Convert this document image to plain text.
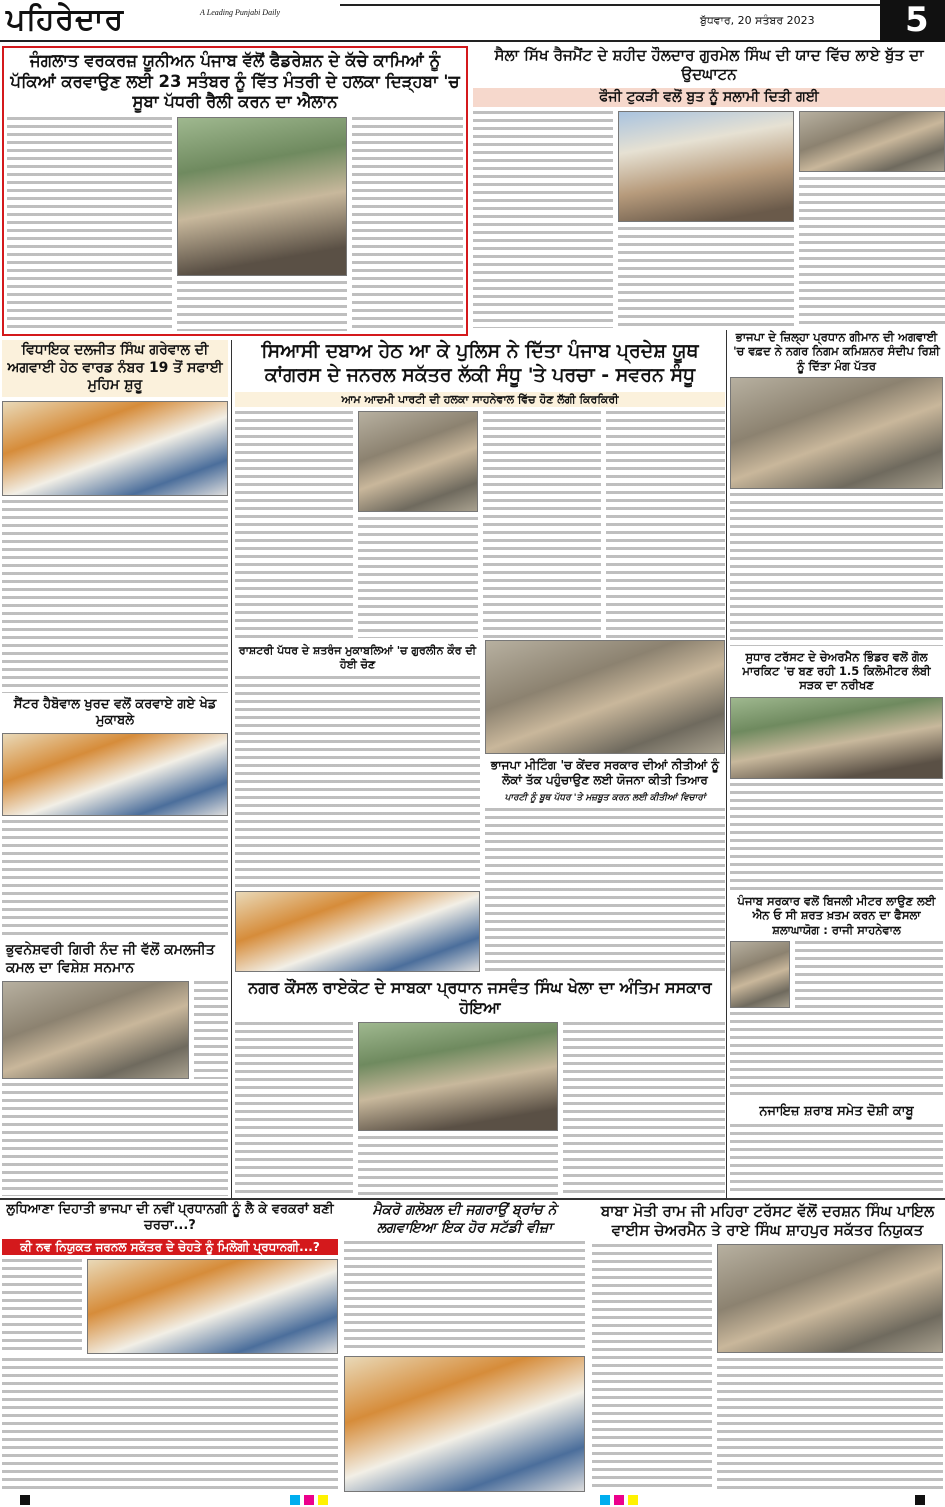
ਪਹਿਰੇਦਾਰ	A Leading Punjabi Daily
ਬੁੱਧਵਾਰ, 20 ਸਤੰਬਰ 2023	5
ਜੰਗਲਾਤ ਵਰਕਰਜ਼ ਯੂਨੀਅਨ ਪੰਜਾਬ ਵੱਲੋਂ ਫੈਡਰੇਸ਼ਨ ਦੇ ਕੱਚੇ ਕਾਮਿਆਂ ਨੂੰ ਪੱਕਿਆਂ ਕਰਵਾਉਣ ਲਈ 23 ਸਤੰਬਰ ਨੂੰ ਵਿੱਤ ਮੰਤਰੀ ਦੇ ਹਲਕਾ ਦਿੜ੍ਹਬਾ 'ਚ ਸੂਬਾ ਪੱਧਰੀ ਰੈਲੀ ਕਰਨ ਦਾ ਐਲਾਨ
ਸੈਲਾ ਸਿੱਖ ਰੈਜਮੈਂਟ ਦੇ ਸ਼ਹੀਦ ਹੌਲਦਾਰ ਗੁਰਮੇਲ ਸਿੰਘ ਦੀ ਯਾਦ ਵਿੱਚ ਲਾਏ ਬੁੱਤ ਦਾ ਉਦਘਾਟਨ
ਫੌਜੀ ਟੁਕੜੀ ਵਲੋਂ ਬੁਤ ਨੂੰ ਸਲਾਮੀ ਦਿਤੀ ਗਈ
ਵਿਧਾਇਕ ਦਲਜੀਤ ਸਿੰਘ ਗਰੇਵਾਲ ਦੀ ਅਗਵਾਈ ਹੇਠ ਵਾਰਡ ਨੰਬਰ 19 ਤੋਂ ਸਫਾਈ ਮੁਹਿਮ ਸ਼ੁਰੂ
ਸੈਂਟਰ ਹੈਬੋਵਾਲ ਖੁਰਦ ਵਲੋਂ ਕਰਵਾਏ ਗਏ ਖੇਡ ਮੁਕਾਬਲੇ
ਭੁਵਨੇਸ਼ਵਰੀ ਗਿਰੀ ਨੰਦ ਜੀ ਵੱਲੋਂ ਕਮਲਜੀਤ ਕਮਲ ਦਾ ਵਿਸ਼ੇਸ਼ ਸਨਮਾਨ
ਸਿਆਸੀ ਦਬਾਅ ਹੇਠ ਆ ਕੇ ਪੁਲਿਸ ਨੇ ਦਿੱਤਾ ਪੰਜਾਬ ਪ੍ਰਦੇਸ਼ ਯੂਥ ਕਾਂਗਰਸ ਦੇ ਜਨਰਲ ਸਕੱਤਰ ਲੱਕੀ ਸੰਧੂ 'ਤੇ ਪਰਚਾ - ਸਵਰਨ ਸੰਧੂ
ਆਮ ਆਦਮੀ ਪਾਰਟੀ ਦੀ ਹਲਕਾ ਸਾਹਨੇਵਾਲ ਵਿੱਚ ਹੋਣ ਲੱਗੀ ਕਿਰਕਿਰੀ
ਰਾਸ਼ਟਰੀ ਪੱਧਰ ਦੇ ਸ਼ਤਰੰਜ ਮੁਕਾਬਲਿਆਂ 'ਚ ਗੁਰਲੀਨ ਕੌਰ ਦੀ ਹੋਈ ਚੋਣ
ਭਾਜਪਾ ਮੀਟਿੰਗ 'ਚ ਕੇਂਦਰ ਸਰਕਾਰ ਦੀਆਂ ਨੀਤੀਆਂ ਨੂੰ ਲੋਕਾਂ ਤੱਕ ਪਹੁੰਚਾਉਣ ਲਈ ਯੋਜਨਾ ਕੀਤੀ ਤਿਆਰ
ਪਾਰਟੀ ਨੂੰ ਬੂਥ ਪੱਧਰ 'ਤੇ ਮਜ਼ਬੂਤ ਕਰਨ ਲਈ ਕੀਤੀਆਂ ਵਿਚਾਰਾਂ
ਨਗਰ ਕੌਂਸਲ ਰਾਏਕੋਟ ਦੇ ਸਾਬਕਾ ਪ੍ਰਧਾਨ ਜਸਵੰਤ ਸਿੰਘ ਖੇਲਾ ਦਾ ਅੰਤਿਮ ਸਸਕਾਰ ਹੋਇਆ
ਭਾਜਪਾ ਦੇ ਜ਼ਿਲ੍ਹਾ ਪ੍ਰਧਾਨ ਗੀਮਾਨ ਦੀ ਅਗਵਾਈ 'ਚ ਵਫ਼ਦ ਨੇ ਨਗਰ ਨਿਗਮ ਕਮਿਸ਼ਨਰ ਸੰਦੀਪ ਰਿਸ਼ੀ ਨੂੰ ਦਿੱਤਾ ਮੰਗ ਪੱਤਰ
ਸੁਧਾਰ ਟਰੱਸਟ ਦੇ ਚੇਅਰਮੈਨ ਭਿੰਡਰ ਵਲੋਂ ਗੋਲ ਮਾਰਕਿਟ 'ਚ ਬਣ ਰਹੀ 1.5 ਕਿਲੋਮੀਟਰ ਲੰਬੀ ਸੜਕ ਦਾ ਨਰੀਖਣ
ਪੰਜਾਬ ਸਰਕਾਰ ਵਲੋਂ ਬਿਜਲੀ ਮੀਟਰ ਲਾਉਣ ਲਈ ਐਨ ਓ ਸੀ ਸ਼ਰਤ ਖ਼ਤਮ ਕਰਨ ਦਾ ਫੈਸਲਾ ਸ਼ਲਾਘਾਯੋਗ : ਰਾਜੀ ਸਾਹਨੇਵਾਲ
ਨਜਾਇਜ਼ ਸ਼ਰਾਬ ਸਮੇਤ ਦੋਸ਼ੀ ਕਾਬੂ
ਲੁਧਿਆਣਾ ਦਿਹਾਤੀ ਭਾਜਪਾ ਦੀ ਨਵੀਂ ਪ੍ਰਧਾਨਗੀ ਨੂੰ ਲੈ ਕੇ ਵਰਕਰਾਂ ਬਣੀ ਚਰਚਾ...?
ਕੀ ਨਵ ਨਿਯੁਕਤ ਜਰਨਲ ਸਕੱਤਰ ਦੇ ਚੇਹਤੇ ਨੂੰ ਮਿਲੇਗੀ ਪ੍ਰਧਾਨਗੀ...?
ਮੈਕਰੋ ਗਲੋਬਲ ਦੀ ਜਗਰਾਉਂ ਬ੍ਰਾਂਚ ਨੇ ਲਗਵਾਇਆ ਇਕ ਹੋਰ ਸਟੱਡੀ ਵੀਜ਼ਾ
ਬਾਬਾ ਮੋਤੀ ਰਾਮ ਜੀ ਮਹਿਰਾ ਟਰੱਸਟ ਵੱਲੋਂ ਦਰਸ਼ਨ ਸਿੰਘ ਪਾਇਲ ਵਾਈਸ ਚੇਅਰਮੈਨ ਤੇ ਰਾਏ ਸਿੰਘ ਸ਼ਾਹਪੁਰ ਸਕੱਤਰ ਨਿਯੁਕਤ
